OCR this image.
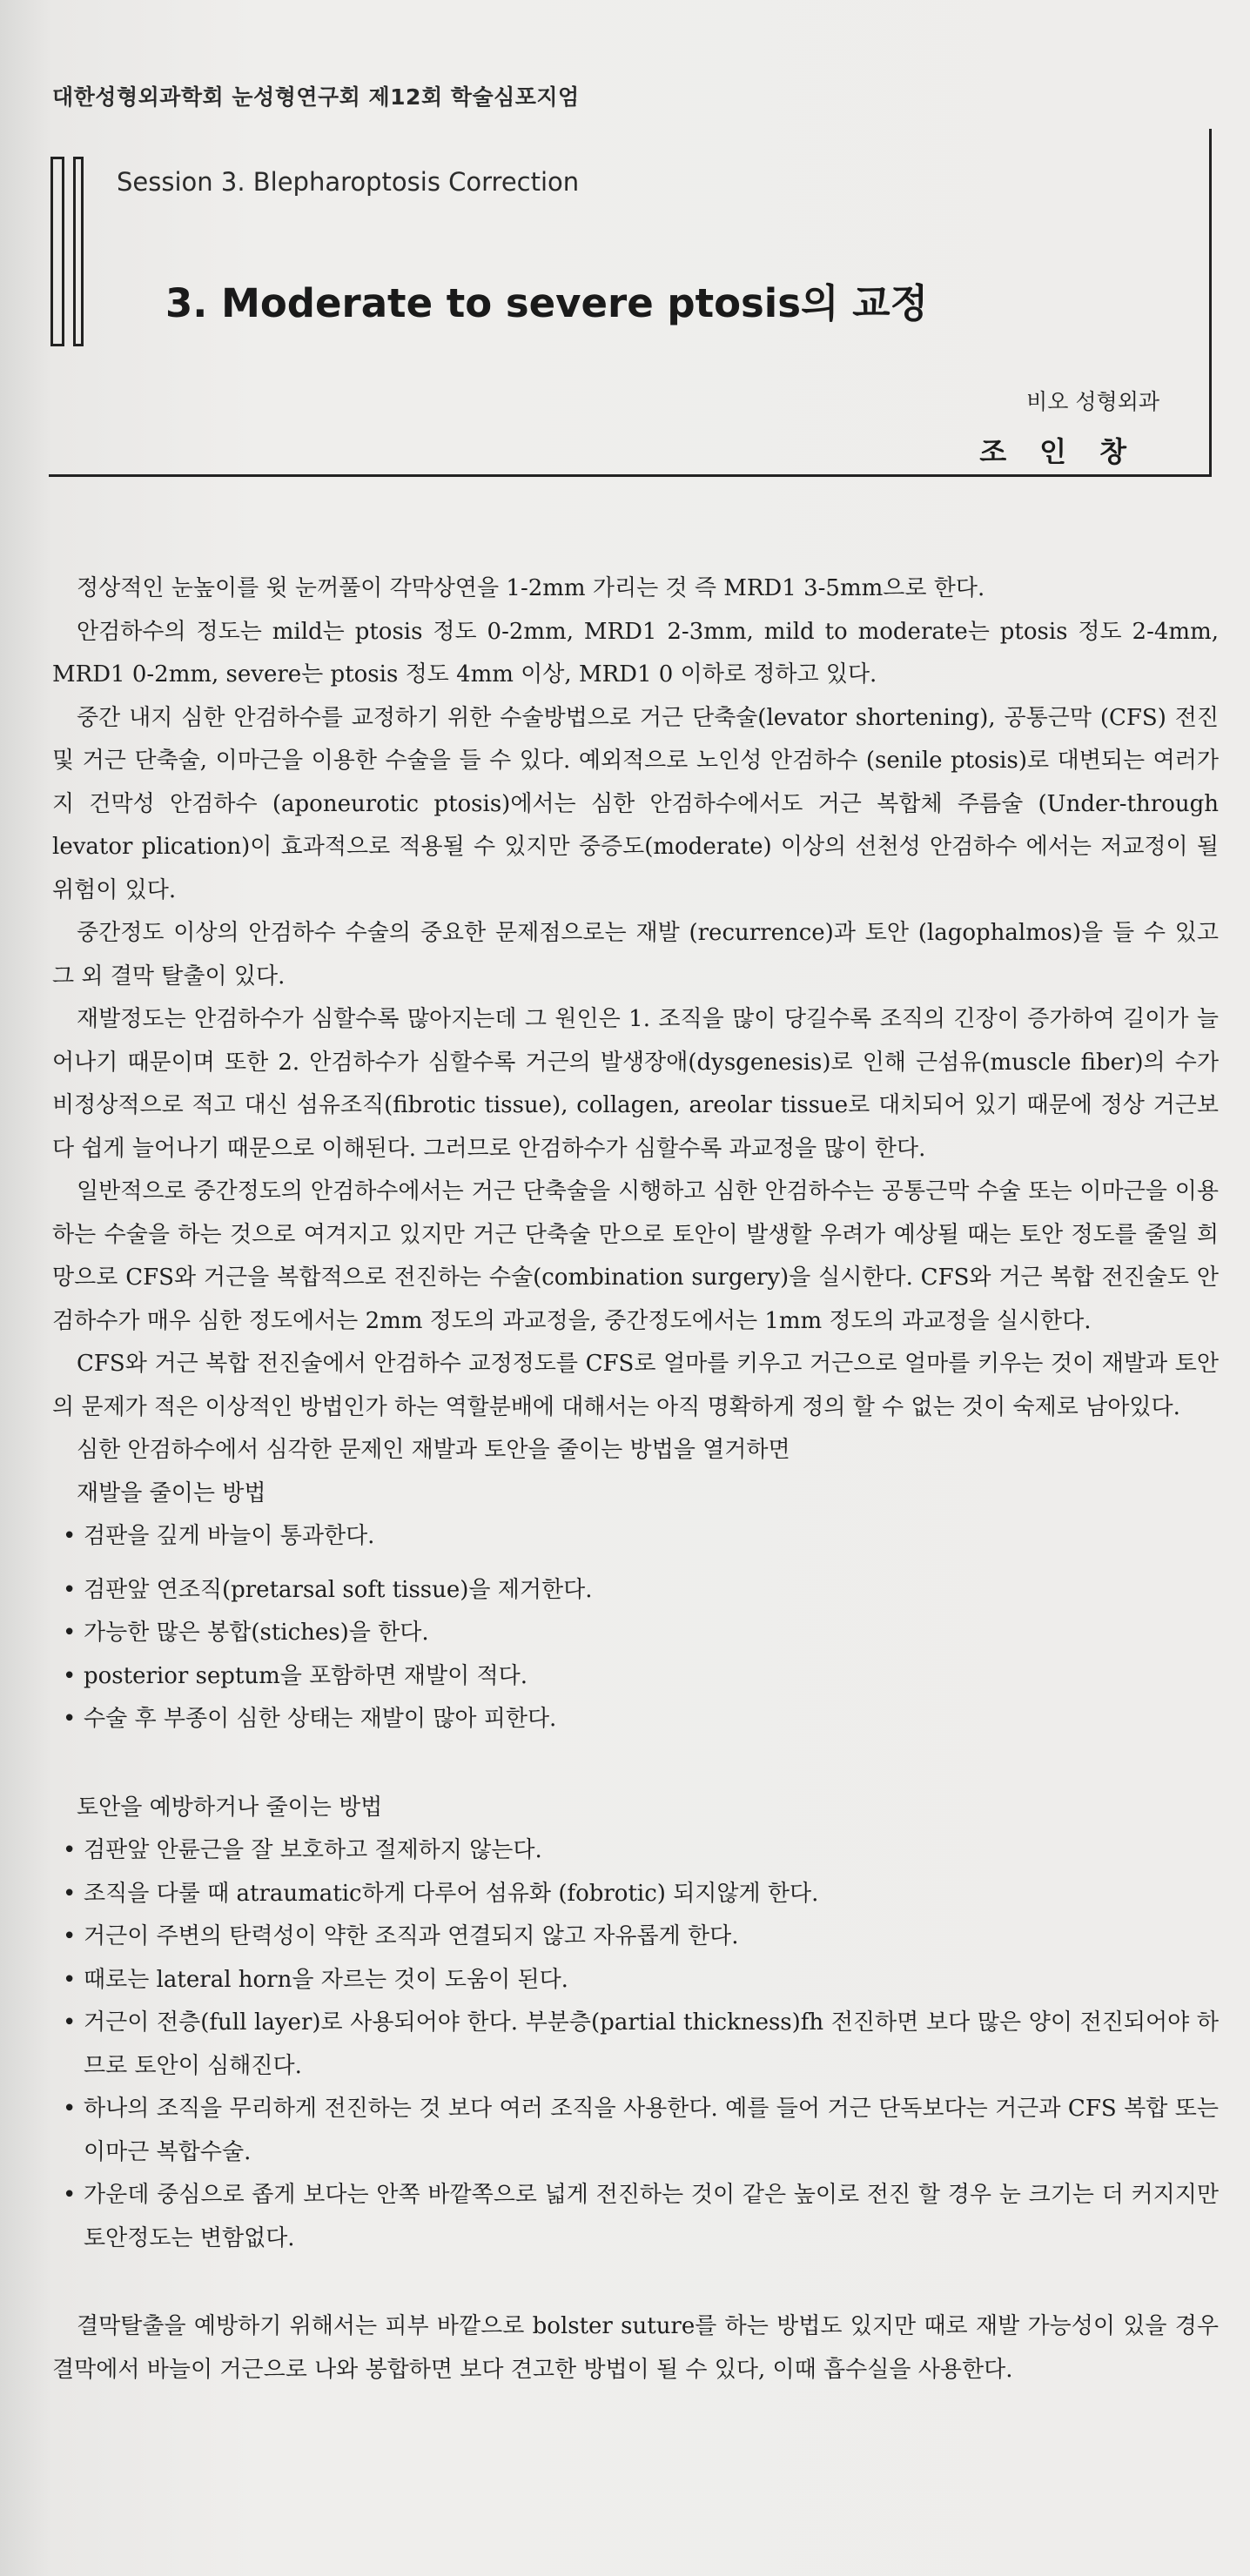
대한성형외과학회 눈성형연구회 제12회 학술심포지엄
Session 3. Blepharoptosis Correction
3. Moderate to severe ptosis의 교정
비오 성형외과
조인창

정상적인 눈높이를 윗 눈꺼풀이 각막상연을 1-2mm 가리는 것 즉 MRD1 3-5mm으로 한다.

안검하수의 정도는 mild는 ptosis 정도 0-2mm, MRD1 2-3mm, mild to moderate는 ptosis 정도 2-4mm, MRD1 0-2mm, severe는 ptosis 정도 4mm 이상, MRD1 0 이하로 정하고 있다.

중간 내지 심한 안검하수를 교정하기 위한 수술방법으로 거근 단축술(levator shortening), 공통근막 (CFS) 전진 및 거근 단축술, 이마근을 이용한 수술을 들 수 있다. 예외적으로 노인성 안검하수 (senile ptosis)로 대변되는 여러가지 건막성 안검하수 (aponeurotic ptosis)에서는 심한 안검하수에서도 거근 복합체 주름술 (Under-through levator plication)이 효과적으로 적용될 수 있지만 중증도(moderate) 이상의 선천성 안검하수 에서는 저교정이 될 위험이 있다.

중간정도 이상의 안검하수 수술의 중요한 문제점으로는 재발 (recurrence)과 토안 (lagophalmos)을 들 수 있고 그 외 결막 탈출이 있다.

재발정도는 안검하수가 심할수록 많아지는데 그 원인은 1. 조직을 많이 당길수록 조직의 긴장이 증가하여 길이가 늘어나기 때문이며 또한 2. 안검하수가 심할수록 거근의 발생장애(dysgenesis)로 인해 근섬유(muscle fiber)의 수가 비정상적으로 적고 대신 섬유조직(fibrotic tissue), collagen, areolar tissue로 대치되어 있기 때문에 정상 거근보다 쉽게 늘어나기 때문으로 이해된다. 그러므로 안검하수가 심할수록 과교정을 많이 한다.

일반적으로 중간정도의 안검하수에서는 거근 단축술을 시행하고 심한 안검하수는 공통근막 수술 또는 이마근을 이용하는 수술을 하는 것으로 여겨지고 있지만 거근 단축술 만으로 토안이 발생할 우려가 예상될 때는 토안 정도를 줄일 희망으로 CFS와 거근을 복합적으로 전진하는 수술(combination surgery)을 실시한다. CFS와 거근 복합 전진술도 안검하수가 매우 심한 정도에서는 2mm 정도의 과교정을, 중간정도에서는 1mm 정도의 과교정을 실시한다.

CFS와 거근 복합 전진술에서 안검하수 교정정도를 CFS로 얼마를 키우고 거근으로 얼마를 키우는 것이 재발과 토안의 문제가 적은 이상적인 방법인가 하는 역할분배에 대해서는 아직 명확하게 정의 할 수 없는 것이 숙제로 남아있다.

심한 안검하수에서 심각한 문제인 재발과 토안을 줄이는 방법을 열거하면

재발을 줄이는 방법

• 검판을 깊게 바늘이 통과한다.
• 검판앞 연조직(pretarsal soft tissue)을 제거한다.
• 가능한 많은 봉합(stiches)을 한다.
• posterior septum을 포함하면 재발이 적다.
• 수술 후 부종이 심한 상태는 재발이 많아 피한다.

토안을 예방하거나 줄이는 방법

• 검판앞 안륜근을 잘 보호하고 절제하지 않는다.
• 조직을 다룰 때 atraumatic하게 다루어 섬유화 (fobrotic) 되지않게 한다.
• 거근이 주변의 탄력성이 약한 조직과 연결되지 않고 자유롭게 한다.
• 때로는 lateral horn을 자르는 것이 도움이 된다.
• 거근이 전층(full layer)로 사용되어야 한다. 부분층(partial thickness)fh 전진하면 보다 많은 양이 전진되어야 하므로 토안이 심해진다.
• 하나의 조직을 무리하게 전진하는 것 보다 여러 조직을 사용한다. 예를 들어 거근 단독보다는 거근과 CFS 복합 또는 이마근 복합수술.
• 가운데 중심으로 좁게 보다는 안쪽 바깥쪽으로 넓게 전진하는 것이 같은 높이로 전진 할 경우 눈 크기는 더 커지지만 토안정도는 변함없다.

결막탈출을 예방하기 위해서는 피부 바깥으로 bolster suture를 하는 방법도 있지만 때로 재발 가능성이 있을 경우 결막에서 바늘이 거근으로 나와 봉합하면 보다 견고한 방법이 될 수 있다, 이때 흡수실을 사용한다.
